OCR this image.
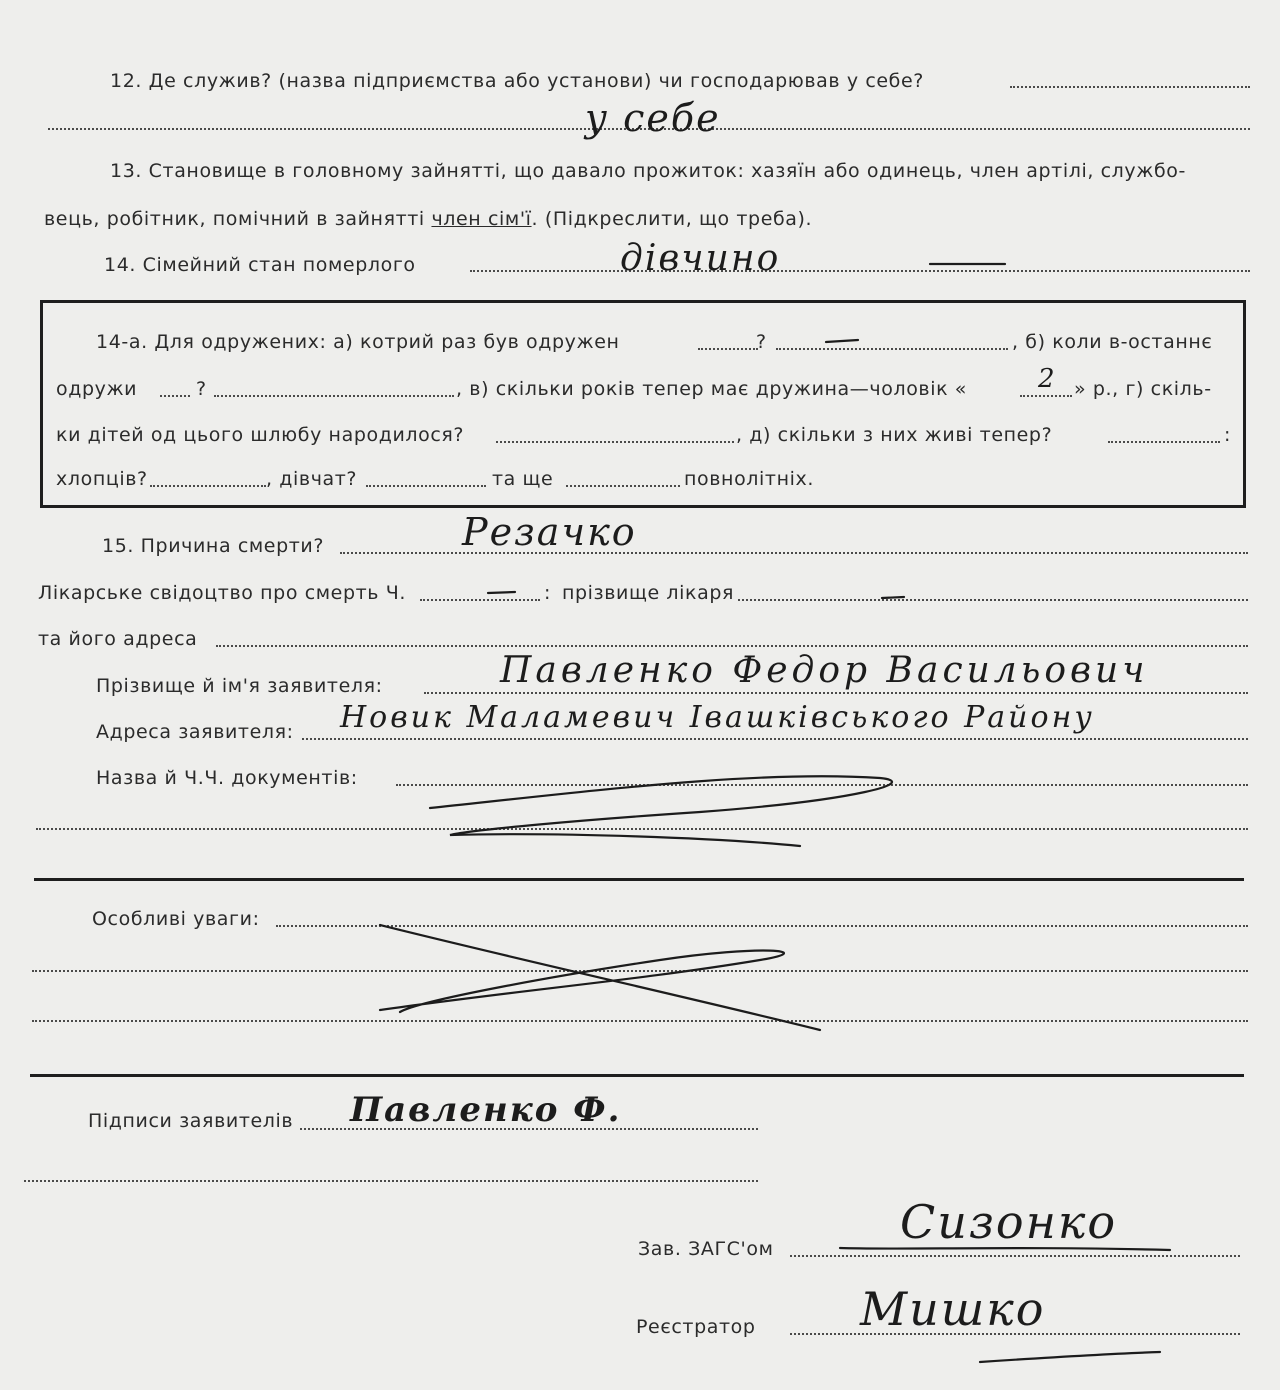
12. Де служив? (назва підприємства або установи) чи господарював у себе?
у себе
13. Становище в головному зайнятті, що давало прожиток: хазяїн або одинець, член артілі, службо-
вець, робітник, помічний в зайнятті член сім'ї. (Підкреслити, що треба).
14. Сімейний стан померлого	дівчино
14-а. Для одружених: а) котрий раз був одружен	?	, б) коли в-останнє
одружи	?	, в) скільки років тепер має дружина—чоловік «	2 » р., г) скіль-
ки дітей од цього шлюбу народилося?	, д) скільки з них живі тепер?	:
хлопців?	, дівчат?	та ще	повнолітніх.
15. Причина смерти?	Резачко
Лікарське свідоцтво про смерть Ч.	: прізвище лікаря
та його адреса
Прізвище й ім'я заявителя:	Павленко Федор Васильович
Адреса заявителя: Новик Маламевич Івашківського Району
Назва й Ч.Ч. документів:
Особливі уваги:
Підписи заявителів Павленко Ф.
Зав. ЗАГС'ом	Сизонко
Реєстратор Мишко
